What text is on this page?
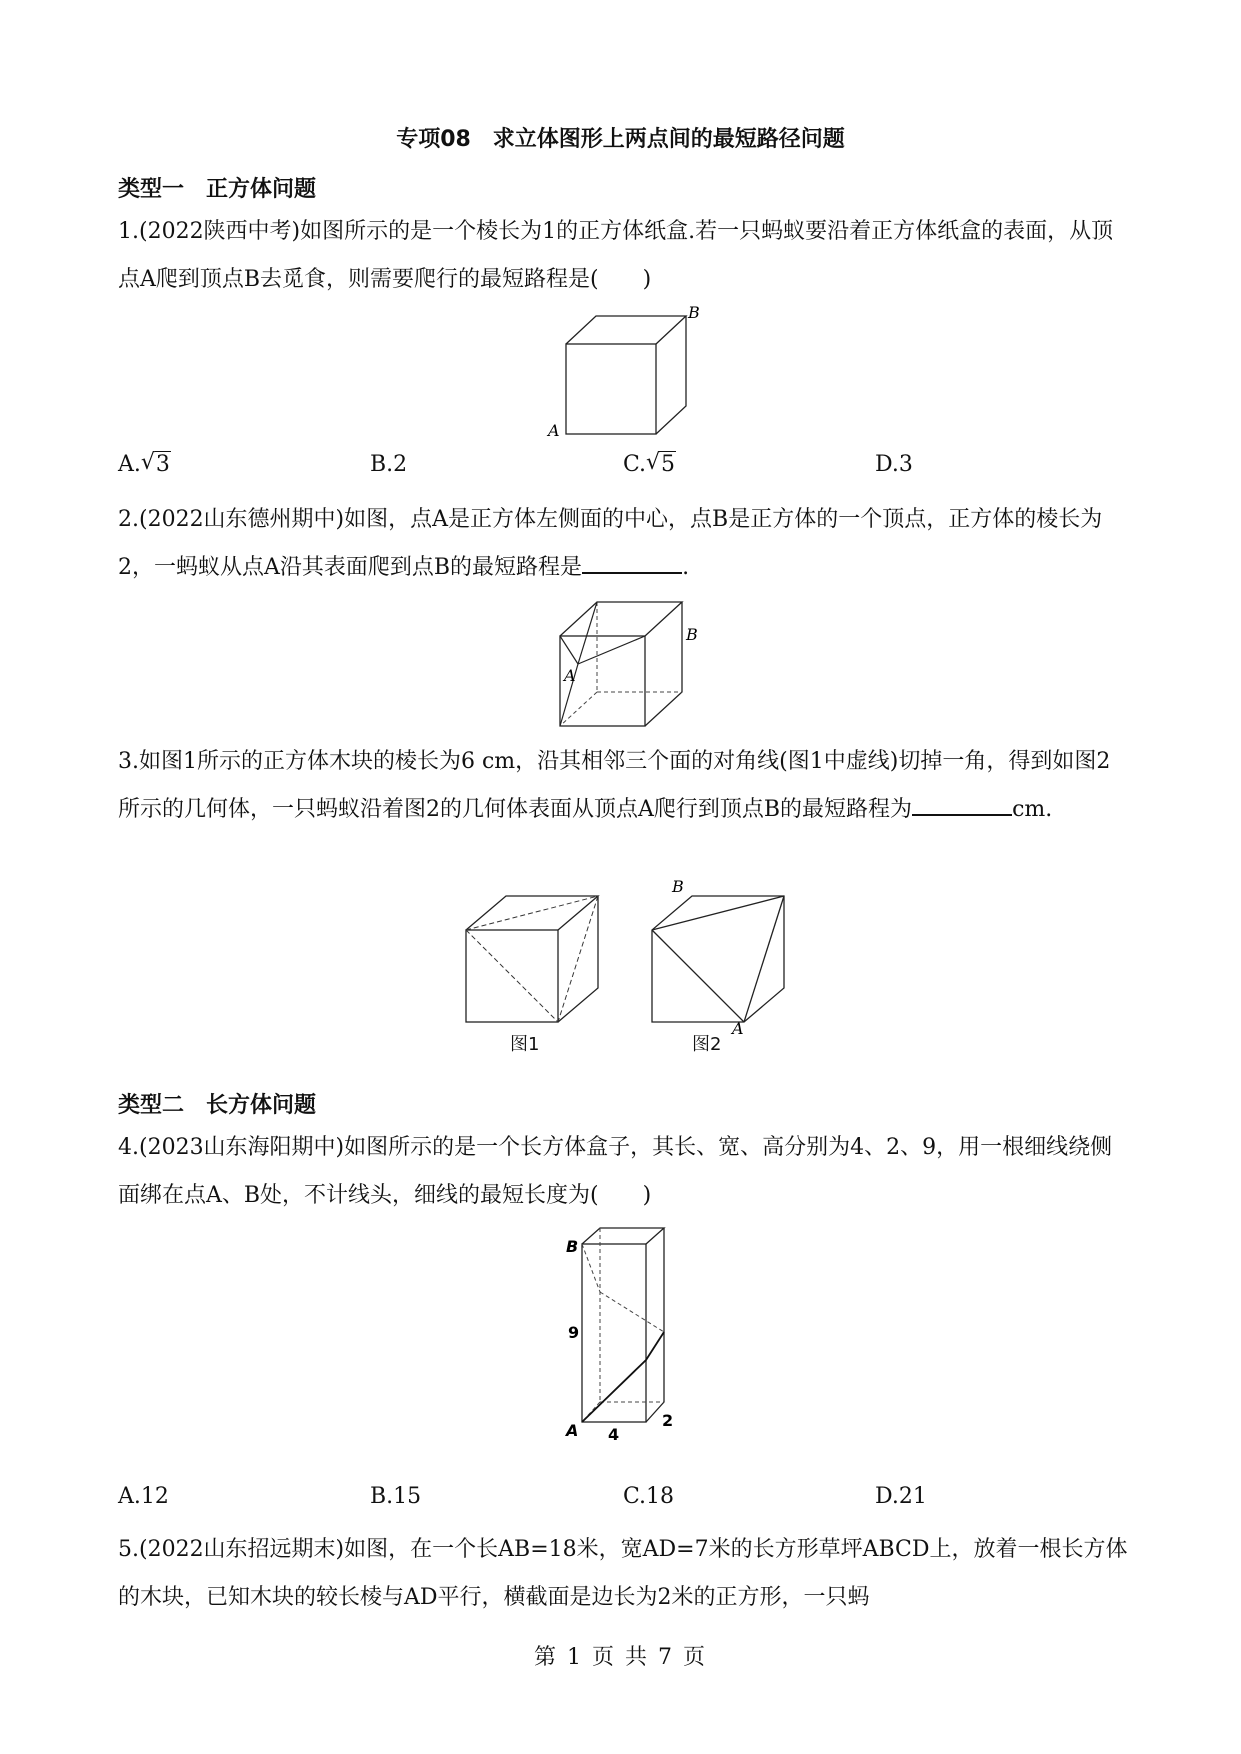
专项08　求立体图形上两点间的最短路径问题
类型一　正方体问题

1.(2022陕西中考)如图所示的是一个棱长为1的正方体纸盒.若一只蚂蚁要沿着正方体纸盒的表面，从顶点A爬到顶点B去觅食，则需要爬行的最短路程是(　　)

A
B
A. √ 3	B.2	C. √ 5	D.3

2.(2022山东德州期中)如图，点A是正方体左侧面的中心，点B是正方体的一个顶点，正方体的棱长为2，一蚂蚁从点A沿其表面爬到点B的最短路程是	.

A
B

3.如图1所示的正方体木块的棱长为6 cm，沿其相邻三个面的对角线(图1中虚线)切掉一角，得到如图2所示的几何体，一只蚂蚁沿着图2的几何体表面从顶点A爬行到顶点B的最短路程为	cm.

图1
B
A
图2
类型二　长方体问题

4.(2023山东海阳期中)如图所示的是一个长方体盒子，其长、宽、高分别为4、2、9，用一根细线绕侧面绑在点A、B处，不计线头，细线的最短长度为(　　)

B
A
9
4
2
A.12	B.15	C.18	D.21

5.(2022山东招远期末)如图，在一个长AB=18米，宽AD=7米的长方形草坪ABCD上，放着一根长方体的木块，已知木块的较长棱与AD平行，横截面是边长为2米的正方形，一只蚂

第 1 页 共 7 页
